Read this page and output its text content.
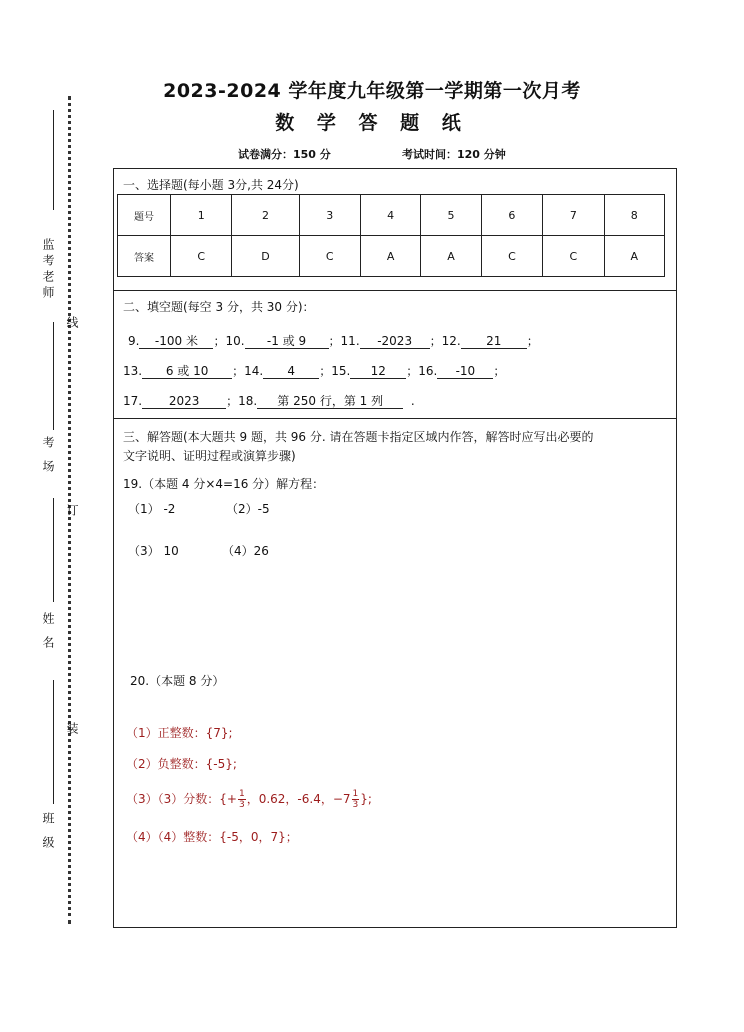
2023-2024 学年度九年级第一学期第一次月考
数 学 答 题 纸
试卷满分：150 分	考试时间：120 分钟
监考老师
线
考 场
订
姓 名
装
班 级
一、选择题(每小题 3分,共 24分)
题号	1	2	3	4	5	6	7	8
答案	C	D	C	A	A	C	C	A
二、填空题(每空 3 分，共 30 分)：
9. -100 米 ；10. -1 或 9 ；11. -2023 ；12. 21 ；
13. 6 或 10 ；14. 4 ；15. 12 ；16. -10 ；
17. 2023 ；18. 第 250 行，第 1 列 .
三、解答题(本大题共 9 题，共 96 分. 请在答题卡指定区域内作答，解答时应写出必要的
文字说明、证明过程或演算步骤)
19.（本题 4 分×4=16 分）解方程：
（1） -2	（2）-5
（3） 10	（4）26
20.（本题 8 分）
（1）正整数：{7};
（2）负整数：{-5};
（3）（3）分数：{+ $\frac{1}{3}$ ，0.62，-6.4，$-7 \frac{1}{3}$ };
（4）（4）整数：{-5，0，7}；
